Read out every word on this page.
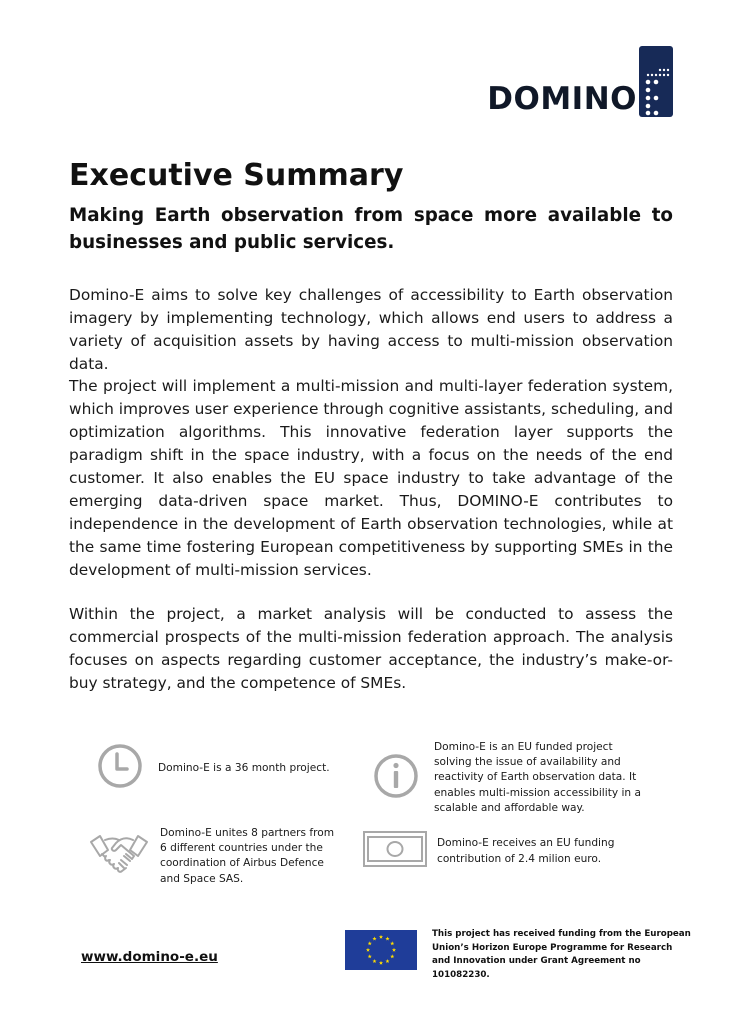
DOMINO
Executive Summary

Making Earth observation from space more available to businesses and public services.

Domino-E aims to solve key challenges of accessibility to Earth observation imagery by implementing technology, which allows end users to address a variety of acquisition assets by having access to multi-mission observation data.

The project will implement a multi-mission and multi-layer federation system, which improves user experience through cognitive assistants, scheduling, and optimization algorithms. This innovative federation layer supports the paradigm shift in the space industry, with a focus on the needs of the end customer. It also enables the EU space industry to take advantage of the emerging data-driven space market. Thus, DOMINO-E contributes to independence in the development of Earth observation technologies, while at the same time fostering European competitiveness by supporting SMEs in the development of multi-mission services.

Within the project, a market analysis will be conducted to assess the commercial prospects of the multi-mission federation approach. The analysis focuses on aspects regarding customer acceptance, the industry’s make-or-buy strategy, and the competence of SMEs.

Domino-E is a 36 month project.
Domino-E is an EU funded project solving the issue of availability and reactivity of Earth observation data. It enables multi-mission accessibility in a scalable and affordable way.
Domino-E unites 8 partners from 6 different countries under the coordination of Airbus Defence and Space SAS.
Domino-E receives an EU funding contribution of 2.4 milion euro.
www.domino-e.eu
This project has received funding from the European Union’s Horizon Europe Programme for Research and Innovation under Grant Agreement no 101082230.
